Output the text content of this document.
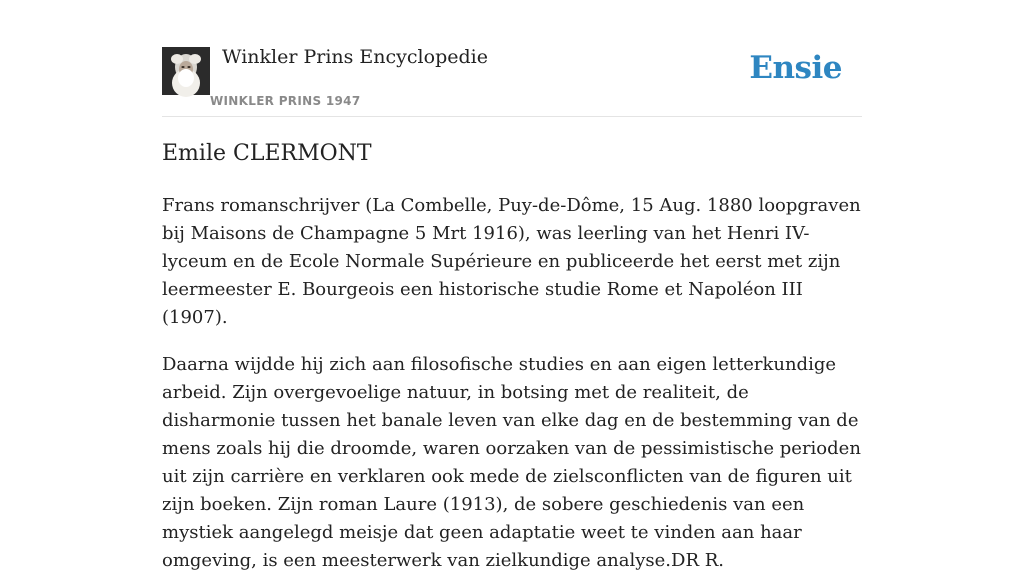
Winkler Prins Encyclopedie
WINKLER PRINS 1947
Ensie
Emile CLERMONT

Frans romanschrijver (La Combelle, Puy-de-Dôme, 15 Aug. 1880 loopgraven bij Maisons de Champagne 5 Mrt 1916), was leerling van het Henri IV-lyceum en de Ecole Normale Supérieure en publiceerde het eerst met zijn leermeester E. Bourgeois een historische studie Rome et Napoléon III (1907).

Daarna wijdde hij zich aan filosofische studies en aan eigen letterkundige arbeid. Zijn overgevoelige natuur, in botsing met de realiteit, de disharmonie tussen het banale leven van elke dag en de bestemming van de mens zoals hij die droomde, waren oorzaken van de pessimistische perioden uit zijn carrière en verklaren ook mede de zielsconflicten van de figuren uit zijn boeken. Zijn roman Laure (1913), de sobere geschiedenis van een mystiek aangelegd meisje dat geen adaptatie weet te vinden aan haar omgeving, is een meesterwerk van zielkundige analyse.DR R.
